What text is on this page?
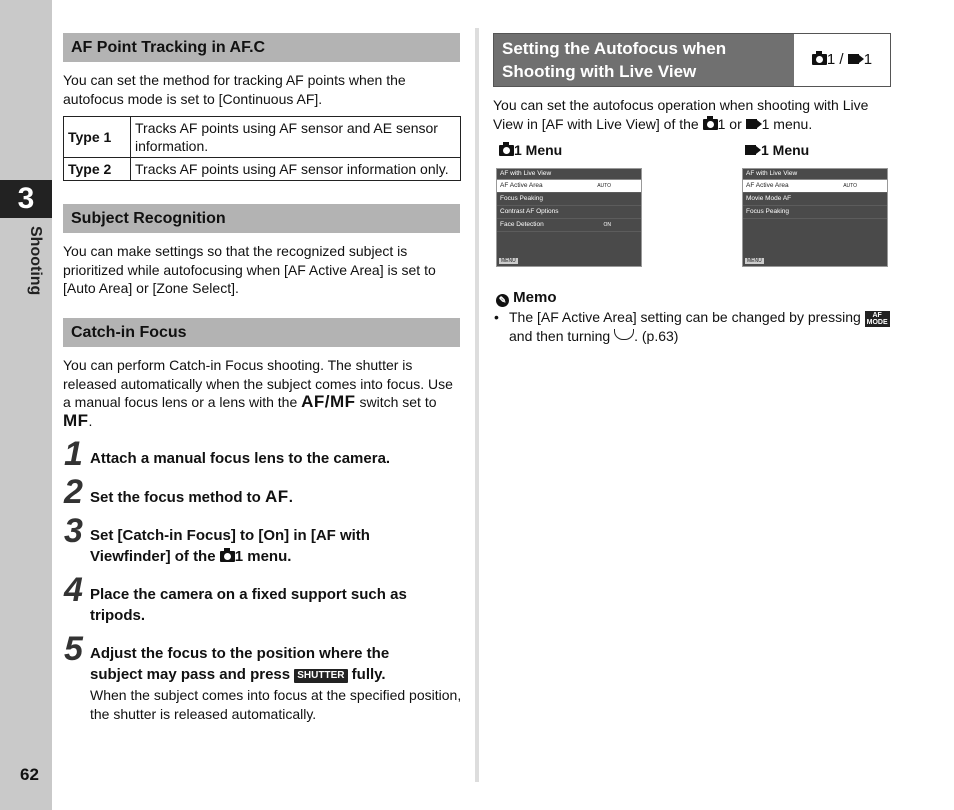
3
Shooting
62
AF Point Tracking in AF.C
You can set the method for tracking AF points when the autofocus mode is set to [Continuous AF].
Type 1	Tracks AF points using AF sensor and AE sensor information.
Type 2	Tracks AF points using AF sensor information only.
Subject Recognition
You can make settings so that the recognized subject is prioritized while autofocusing when [AF Active Area] is set to [Auto Area] or [Zone Select].
Catch-in Focus
You can perform Catch-in Focus shooting. The shutter is released automatically when the subject comes into focus. Use a manual focus lens or a lens with the AF/MF switch set to MF.
1 Attach a manual focus lens to the camera.
2 Set the focus method to AF.
3 Set [Catch-in Focus] to [On] in [AF with Viewfinder] of the 1 menu.
4 Place the camera on a fixed support such as tripods.
5 Adjust the focus to the position where the subject may pass and press SHUTTER fully.
When the subject comes into focus at the specified position, the shutter is released automatically.
Setting the Autofocus when Shooting with Live View
1 / 1
You can set the autofocus operation when shooting with Live View in [AF with Live View] of the 1 or 1 menu.
1 Menu	1 Menu
AF with Live View
AF Active Area	AUTO
Focus Peaking
Contrast AF Options
Face Detection	ON
MENU
AF with Live View
AF Active Area	AUTO
Movie Mode AF
Focus Peaking
MENU
✎ Memo
• The [AF Active Area] setting can be changed by pressing AF
MODE and then turning . (p.63)
